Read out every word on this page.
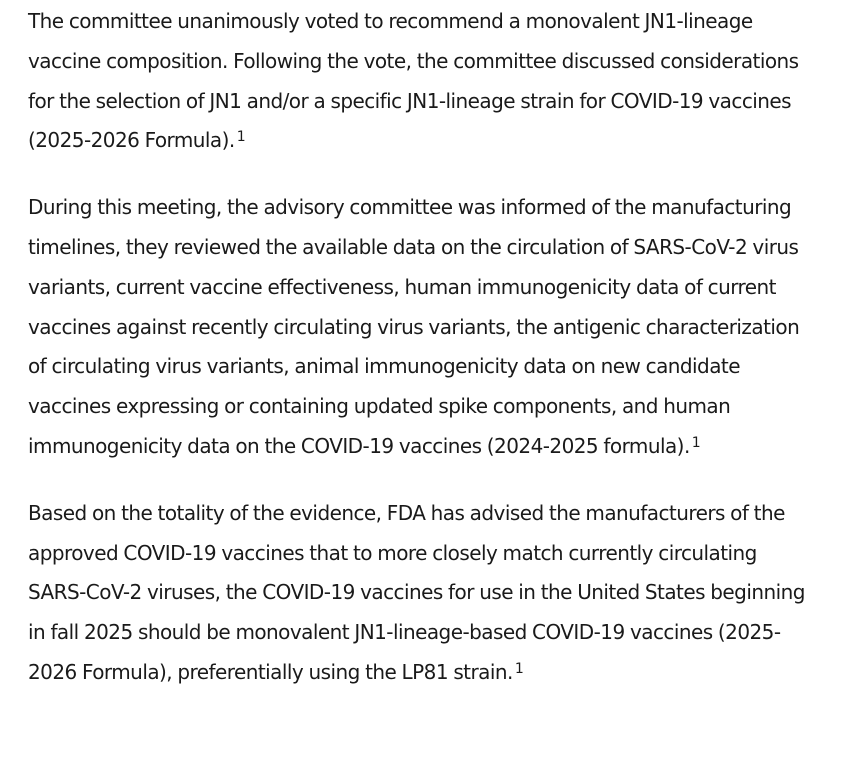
The committee unanimously voted to recommend a monovalent JN1-lineage vaccine composition. Following the vote, the committee discussed considerations for the selection of JN1 and/or a specific JN1-lineage strain for COVID-19 vaccines (2025-2026 Formula). $^1$

During this meeting, the advisory committee was informed of the manufacturing timelines, they reviewed the available data on the circulation of SARS-CoV-2 virus variants, current vaccine effectiveness, human immunogenicity data of current vaccines against recently circulating virus variants, the antigenic characterization of circulating virus variants, animal immunogenicity data on new candidate vaccines expressing or containing updated spike components, and human immunogenicity data on the COVID-19 vaccines (2024-2025 formula). $^1$

Based on the totality of the evidence, FDA has advised the manufacturers of the approved COVID-19 vaccines that to more closely match currently circulating SARS-CoV-2 viruses, the COVID-19 vaccines for use in the United States beginning in fall 2025 should be monovalent JN1-lineage-based COVID-19 vaccines (2025-2026 Formula), preferentially using the LP81 strain. $^1$
